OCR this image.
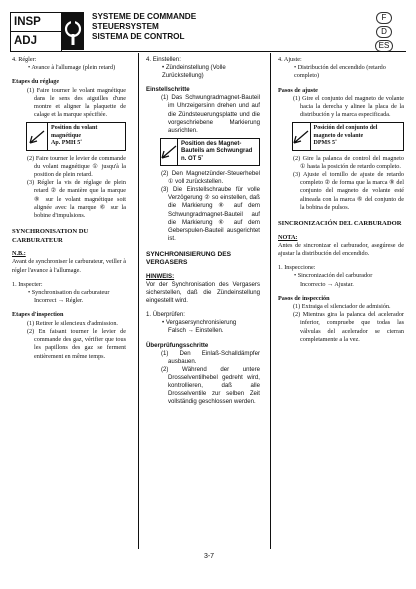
INSP
ADJ
SYSTEME DE COMMANDE
STEUERSYSTEM
SISTEMA DE CONTROL
F
D
ES

4. Régler:

• Avance à l'allumage (plein retard)

Etapes du réglage

(1) Faire tourner le volant magnétique dans le sens des aiguilles d'une montre et aligner la plaquette de calage et la marque spécifiée.

Position du volant magnétique
Ap. PMH 5˚

(2) Faire tourner le levier de commande du volant magnétique ① jusqu'à la position de plein retard.

(3) Régler la vis de réglage de plein retard ② de manière que la marque ⑧ sur le volant magnétique soit alignée avec la marque ⑥ sur la bobine d'impulsions.

SYNCHRONISATION DU CARBURATEUR

N.B.:

Avant de synchroniser le carburateur, veiller à régler l'avance à l'allumage.

1. Inspecter:

• Synchronisation du carburateur

Incorrect → Régler.

Etapes d'inspection

(1) Retirer le silencieux d'admission.

(2) En faisant tourner le levier de commande des gaz, vérifier que tous les papillons des gaz se ferment entièrement en même temps.

4. Einstellen:

• Zündeinstellung (Volle Zurückstellung)

Einstellschritte

(1) Das Schwungradmagnet-Bauteil im Uhrzeigersinn drehen und auf die Zündsteuerungsplatte und die vorgeschriebene Markierung ausrichten.

Position des Magnet-Bauteils am Schwungrad
n. OT 5˚

(2) Den Magnetzünder-Steuerhebel ① voll zurückstellen.

(3) Die Einstellschraube für volle Verzögerung ② so einstellen, daß die Markierung ⑧ auf dem Schwungradmagnet-Bauteil auf die Markierung ⑥ auf dem Geberspulen-Bauteil ausgerichtet ist.

SYNCHRONISIERUNG DES VERGASERS

HINWEIS:

Vor der Synchronisation des Vergasers sicherstellen, daß die Zündeinstellung eingestellt wird.

1. Überprüfen:

• Vergasersynchronisierung

Falsch → Einstellen.

Überprüfungsschritte

(1) Den Einlaß-Schalldämpfer ausbauen.

(2) Während der untere Drosselventilhebel gedreht wird, kontrollieren, daß alle Drosselventile zur selben Zeit vollständig geschlossen werden.

4. Ajuste:

• Distribución del encendido (retardo completo)

Pasos de ajuste

(1) Gire el conjunto del magneto de volante hacia la derecha y alinee la placa de la distribución y la marca especificada.

Posición del conjunto del magneto de volante
DPMS 5˚

(2) Gire la palanca de control del magneto ① hasta la posición de retardo completo.

(3) Ajuste el tornillo de ajuste de retardo completo ② de forma que la marca ⑧ del conjunto del magneto de volante esté alineada con la marca ⑥ del conjunto de la bobina de pulsos.

SINCRONIZACIÓN DEL CARBURADOR

NOTA:

Antes de sincronizar el carburador, asegúrese de ajustar la distribución del encendido.

1. Inspeccione:

• Sincronización del carburador

Incorrecto → Ajustar.

Pasos de inspección

(1) Extraiga el silenciador de admisión.

(2) Mientras gira la palanca del acelerador inferior, compruebe que todas las válvulas del acelerador se cierran completamente a la vez.

3-7
